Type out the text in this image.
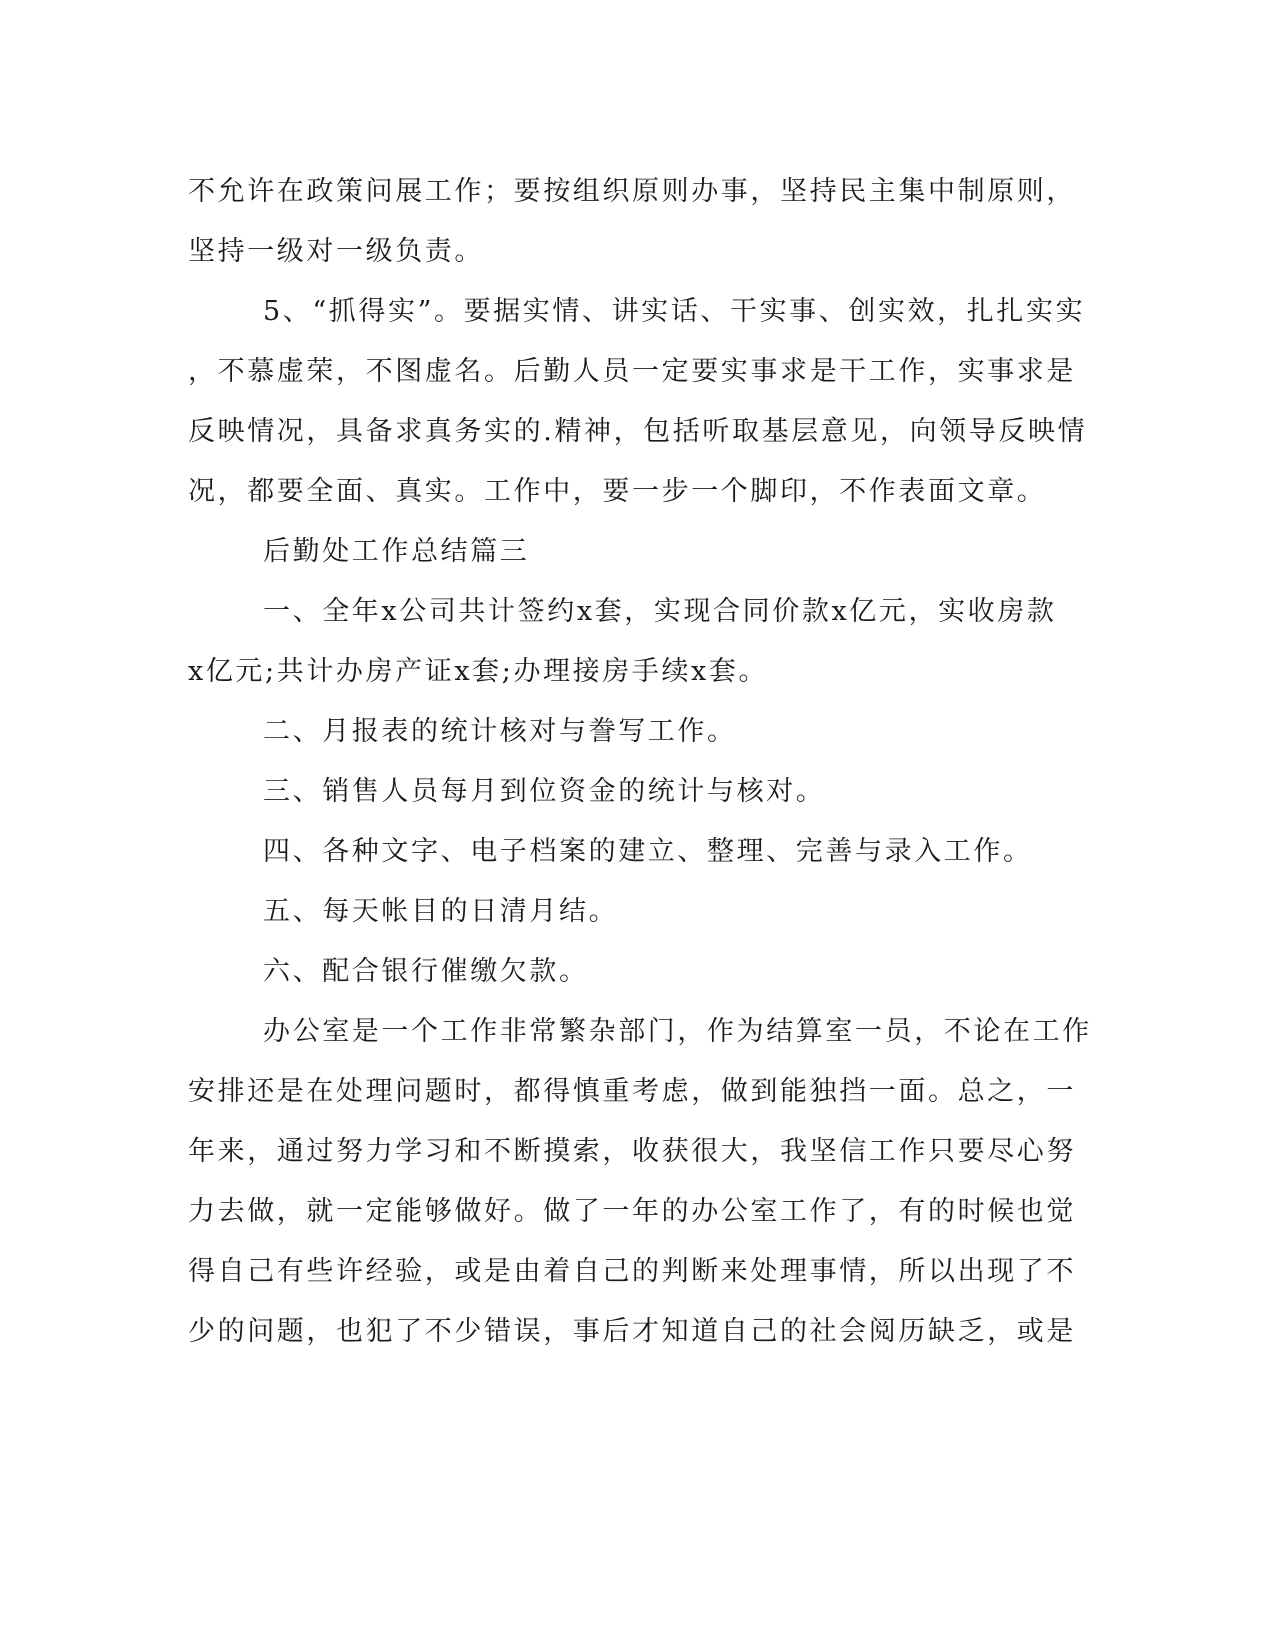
不允许在政策问展工作；要按组织原则办事，坚持民主集中制原则，
坚持一级对一级负责。
5、“抓得实”。要据实情、讲实话、干实事、创实效，扎扎实实
，不慕虚荣，不图虚名。后勤人员一定要实事求是干工作，实事求是
反映情况，具备求真务实的.精神，包括听取基层意见，向领导反映情
况，都要全面、真实。工作中，要一步一个脚印，不作表面文章。
后勤处工作总结篇三
一、全年x公司共计签约x套，实现合同价款x亿元，实收房款
x亿元;共计办房产证x套;办理接房手续x套。
二、月报表的统计核对与誊写工作。
三、销售人员每月到位资金的统计与核对。
四、各种文字、电子档案的建立、整理、完善与录入工作。
五、每天帐目的日清月结。
六、配合银行催缴欠款。
办公室是一个工作非常繁杂部门，作为结算室一员，不论在工作
安排还是在处理问题时，都得慎重考虑，做到能独挡一面。总之，一
年来，通过努力学习和不断摸索，收获很大，我坚信工作只要尽心努
力去做，就一定能够做好。做了一年的办公室工作了，有的时候也觉
得自己有些许经验，或是由着自己的判断来处理事情，所以出现了不
少的问题，也犯了不少错误，事后才知道自己的社会阅历缺乏，或是
